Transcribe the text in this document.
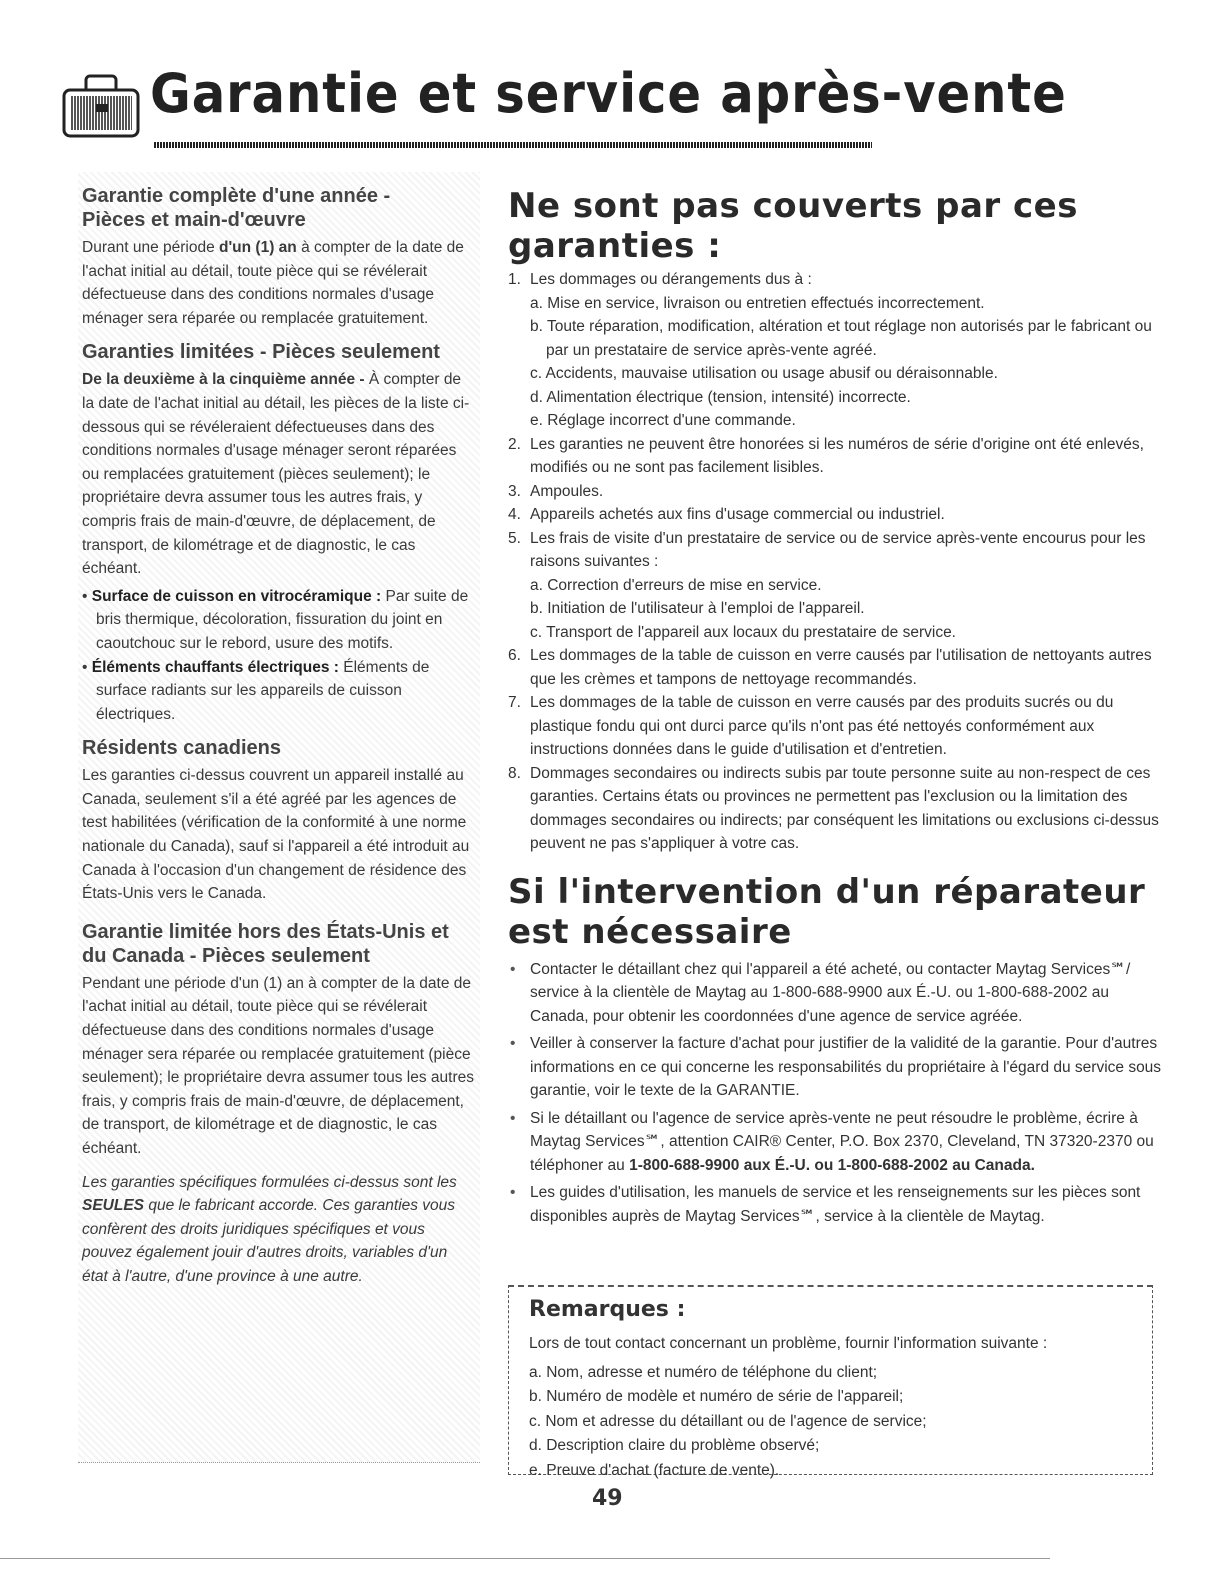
Garantie et service après-vente
Garantie complète d'une année -
Pièces et main-d'œuvre

Durant une période d'un (1) an à compter de la date de l'achat initial au détail, toute pièce qui se révélerait défectueuse dans des conditions normales d'usage ménager sera réparée ou remplacée gratuitement.

Garanties limitées - Pièces seulement

De la deuxième à la cinquième année - À compter de la date de l'achat initial au détail, les pièces de la liste ci-dessous qui se révéleraient défectueuses dans des conditions normales d'usage ménager seront réparées ou remplacées gratuitement (pièces seulement); le propriétaire devra assumer tous les autres frais, y compris frais de main-d'œuvre, de déplacement, de transport, de kilométrage et de diagnostic, le cas échéant.

• Surface de cuisson en vitrocéramique : Par suite de bris thermique, décoloration, fissuration du joint en caoutchouc sur le rebord, usure des motifs.
• Éléments chauffants électriques : Éléments de surface radiants sur les appareils de cuisson électriques.
Résidents canadiens

Les garanties ci-dessus couvrent un appareil installé au Canada, seulement s'il a été agréé par les agences de test habilitées (vérification de la conformité à une norme nationale du Canada), sauf si l'appareil a été introduit au Canada à l'occasion d'un changement de résidence des États-Unis vers le Canada.

Garantie limitée hors des États-Unis et
du Canada - Pièces seulement

Pendant une période d'un (1) an à compter de la date de l'achat initial au détail, toute pièce qui se révélerait défectueuse dans des conditions normales d'usage ménager sera réparée ou remplacée gratuitement (pièce seulement); le propriétaire devra assumer tous les autres frais, y compris frais de main-d'œuvre, de déplacement, de transport, de kilométrage et de diagnostic, le cas échéant.

Les garanties spécifiques formulées ci-dessus sont les SEULES que le fabricant accorde. Ces garanties vous confèrent des droits juridiques spécifiques et vous pouvez également jouir d'autres droits, variables d'un état à l'autre, d'une province à une autre.

Ne sont pas couverts par ces garanties :
1. Les dommages ou dérangements dus à :
a. Mise en service, livraison ou entretien effectués incorrectement.
b. Toute réparation, modification, altération et tout réglage non autorisés par le fabricant ou par un prestataire de service après-vente agréé.
c. Accidents, mauvaise utilisation ou usage abusif ou déraisonnable.
d. Alimentation électrique (tension, intensité) incorrecte.
e. Réglage incorrect d'une commande.
2. Les garanties ne peuvent être honorées si les numéros de série d'origine ont été enlevés, modifiés ou ne sont pas facilement lisibles.
3. Ampoules.
4. Appareils achetés aux fins d'usage commercial ou industriel.
5. Les frais de visite d'un prestataire de service ou de service après-vente encourus pour les raisons suivantes :
a. Correction d'erreurs de mise en service.
b. Initiation de l'utilisateur à l'emploi de l'appareil.
c. Transport de l'appareil aux locaux du prestataire de service.
6. Les dommages de la table de cuisson en verre causés par l'utilisation de nettoyants autres que les crèmes et tampons de nettoyage recommandés.
7. Les dommages de la table de cuisson en verre causés par des produits sucrés ou du plastique fondu qui ont durci parce qu'ils n'ont pas été nettoyés conformément aux instructions données dans le guide d'utilisation et d'entretien.
8. Dommages secondaires ou indirects subis par toute personne suite au non-respect de ces garanties. Certains états ou provinces ne permettent pas l'exclusion ou la limitation des dommages secondaires ou indirects; par conséquent les limitations ou exclusions ci-dessus peuvent ne pas s'appliquer à votre cas.
Si l'intervention d'un réparateur est nécessaire
• Contacter le détaillant chez qui l'appareil a été acheté, ou contacter Maytag Services℠/ service à la clientèle de Maytag au 1-800-688-9900 aux É.-U. ou 1-800-688-2002 au Canada, pour obtenir les coordonnées d'une agence de service agréée.
• Veiller à conserver la facture d'achat pour justifier de la validité de la garantie. Pour d'autres informations en ce qui concerne les responsabilités du propriétaire à l'égard du service sous garantie, voir le texte de la GARANTIE.
• Si le détaillant ou l'agence de service après-vente ne peut résoudre le problème, écrire à Maytag Services℠, attention CAIR® Center, P.O. Box 2370, Cleveland, TN 37320-2370 ou téléphoner au 1-800-688-9900 aux É.-U. ou 1-800-688-2002 au Canada.
• Les guides d'utilisation, les manuels de service et les renseignements sur les pièces sont disponibles auprès de Maytag Services℠, service à la clientèle de Maytag.
Remarques :
Lors de tout contact concernant un problème, fournir l'information suivante :
a. Nom, adresse et numéro de téléphone du client;
b. Numéro de modèle et numéro de série de l'appareil;
c. Nom et adresse du détaillant ou de l'agence de service;
d. Description claire du problème observé;
e. Preuve d'achat (facture de vente).
49
